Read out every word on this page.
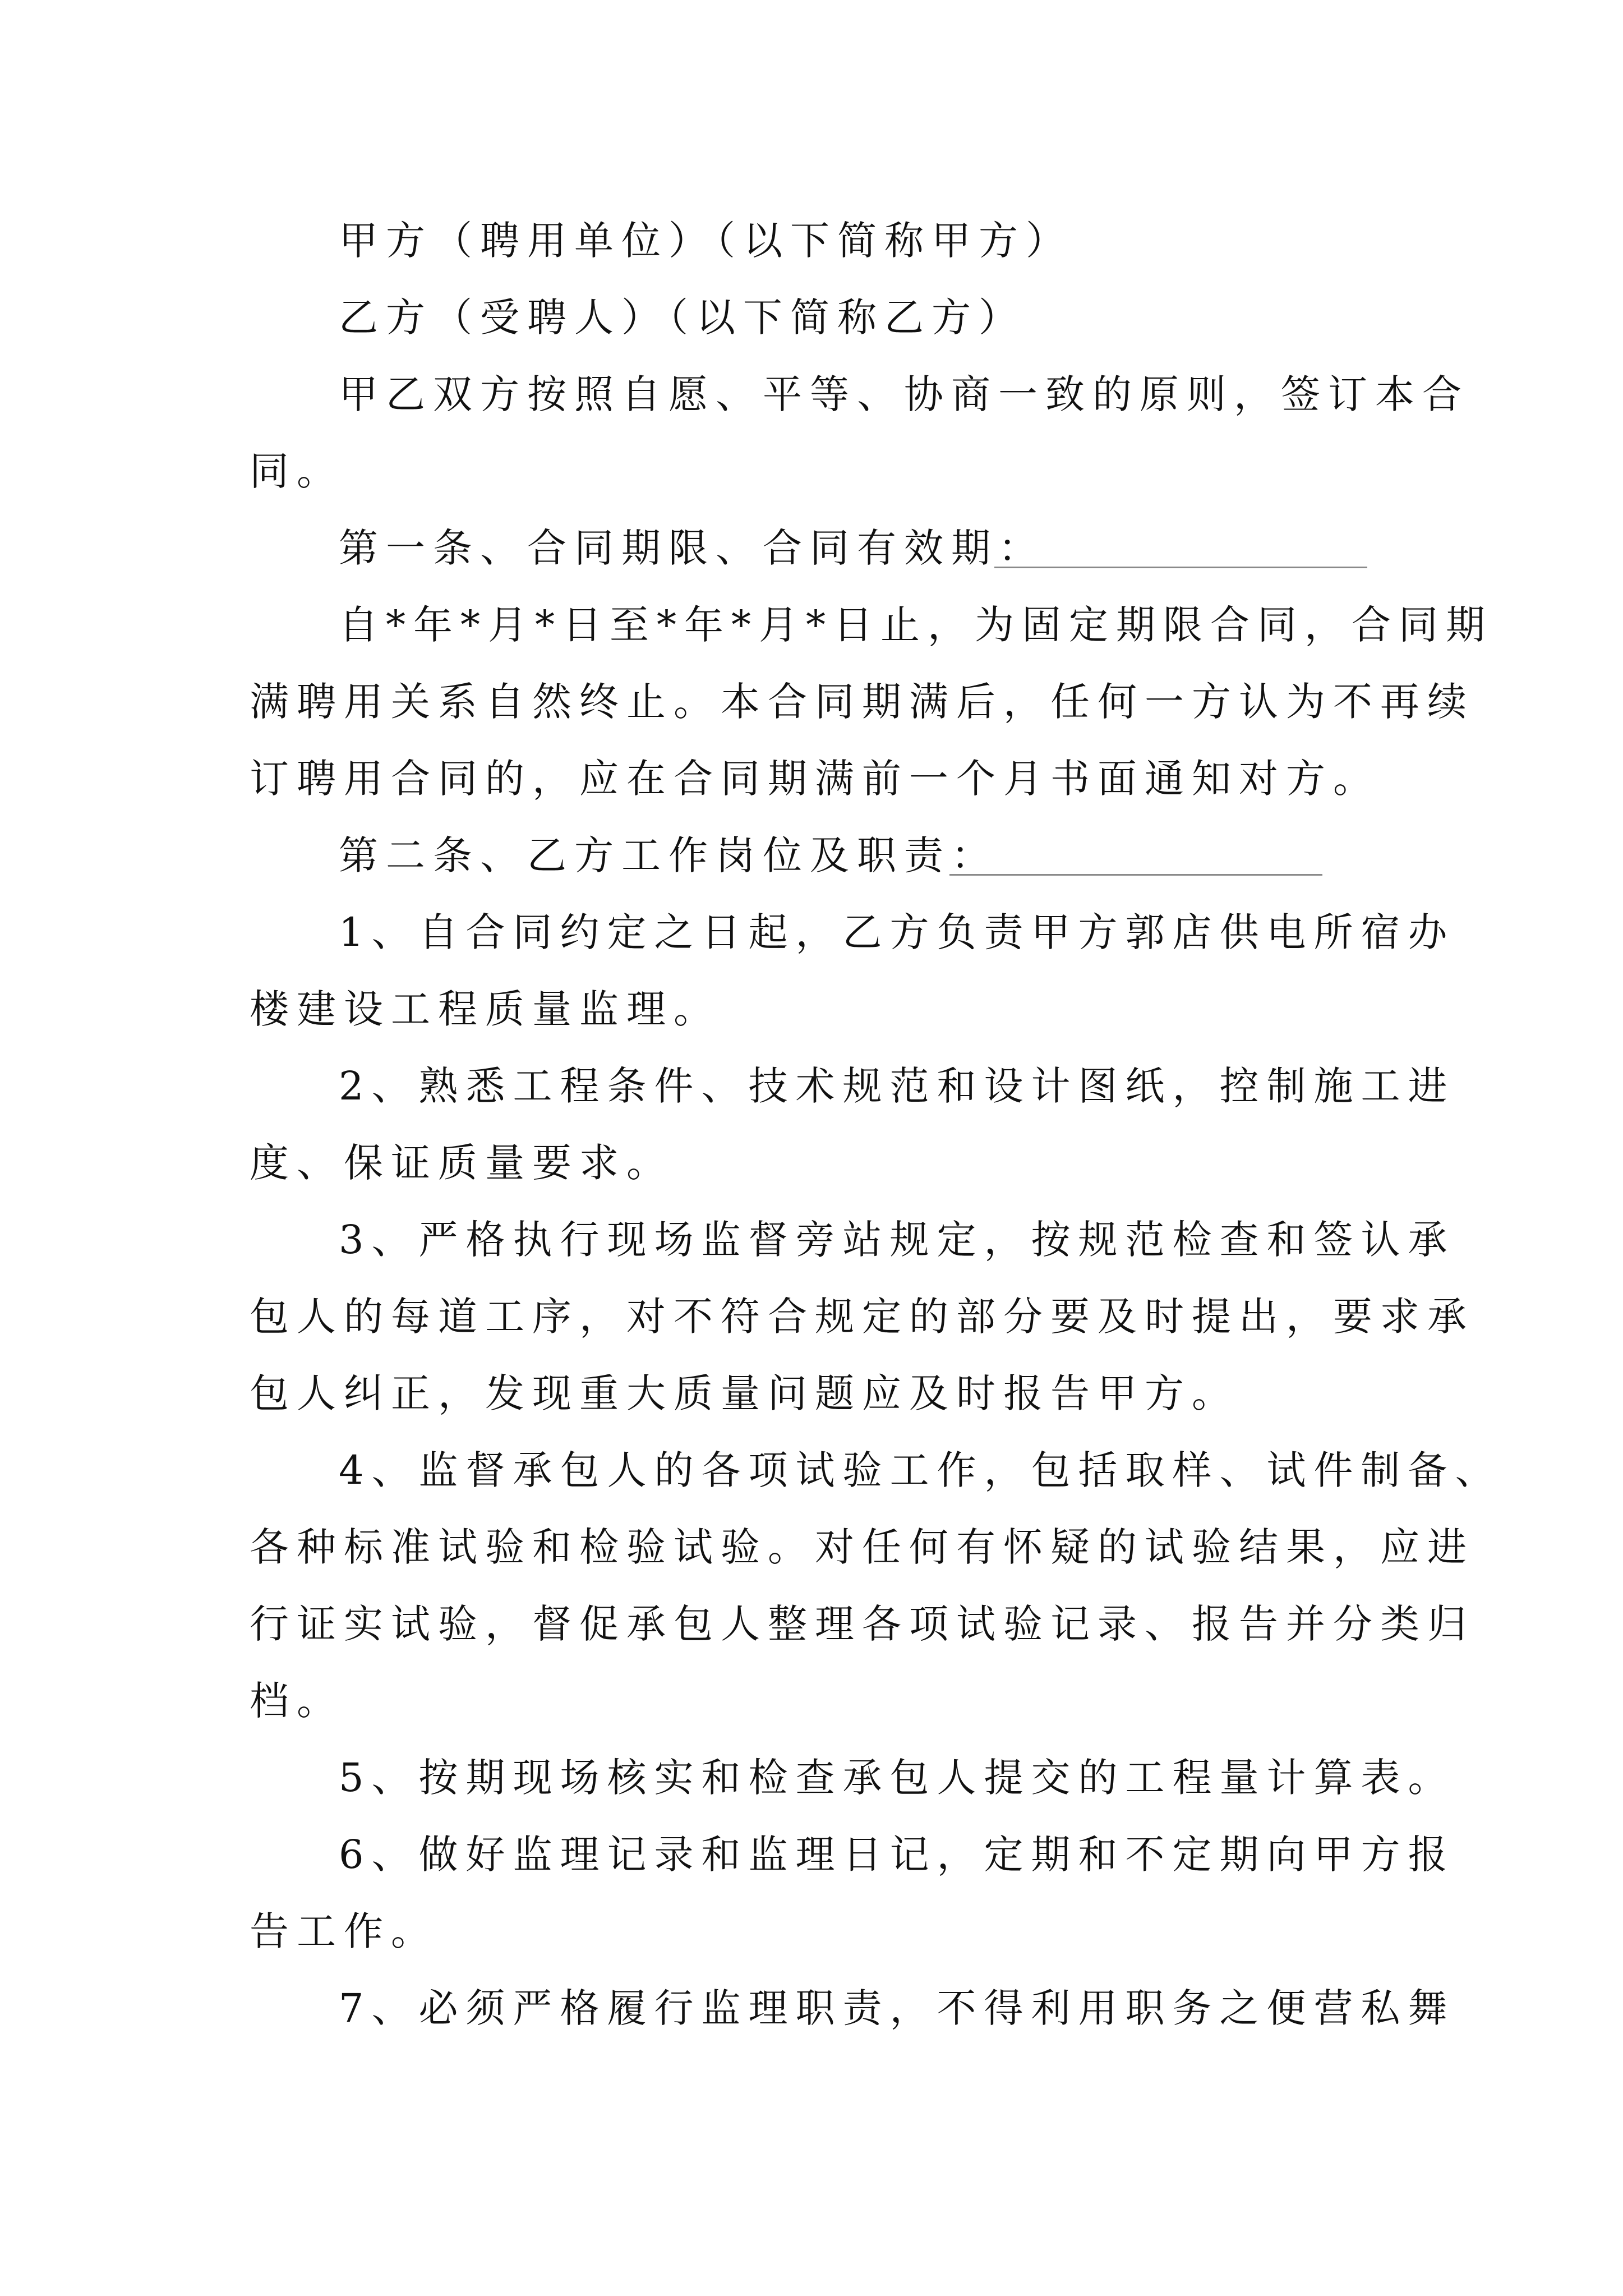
甲方（聘用单位）（以下简称甲方）
乙方（受聘人）（以下简称乙方）
甲乙双方按照自愿、平等、协商一致的原则，签订本合
同。
第一条、合同期限、合同有效期：
自*年*月*日至*年*月*日止，为固定期限合同，合同期
满聘用关系自然终止。本合同期满后，任何一方认为不再续
订聘用合同的，应在合同期满前一个月书面通知对方。
第二条、乙方工作岗位及职责：
1、自合同约定之日起，乙方负责甲方郭店供电所宿办
楼建设工程质量监理。
2、熟悉工程条件、技术规范和设计图纸，控制施工进
度、保证质量要求。
3、严格执行现场监督旁站规定，按规范检查和签认承
包人的每道工序，对不符合规定的部分要及时提出，要求承
包人纠正，发现重大质量问题应及时报告甲方。
4、监督承包人的各项试验工作，包括取样、试件制备、
各种标准试验和检验试验。对任何有怀疑的试验结果，应进
行证实试验，督促承包人整理各项试验记录、报告并分类归
档。
5、按期现场核实和检查承包人提交的工程量计算表。
6、做好监理记录和监理日记，定期和不定期向甲方报
告工作。
7、必须严格履行监理职责，不得利用职务之便营私舞
